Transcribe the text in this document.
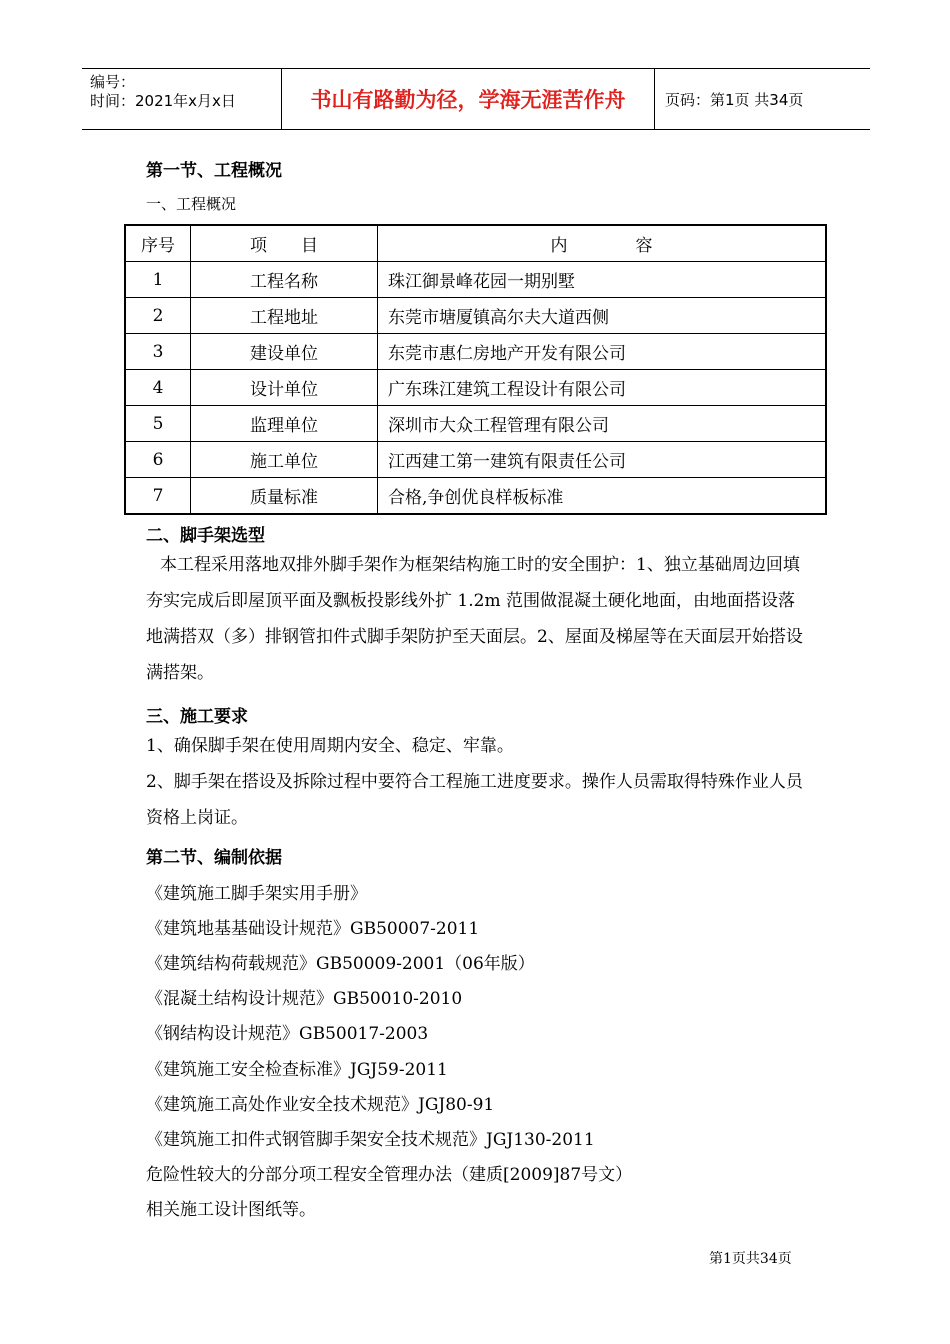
编号：
时间：2021年x月x日	书山有路勤为径，学海无涯苦作舟	页码：第1页 共34页
第一节、工程概况
一、工程概况
序号	项　　目	内　　　　容
1	工程名称	珠江御景峰花园一期别墅
2	工程地址	东莞市塘厦镇高尔夫大道西侧
3	建设单位	东莞市惠仁房地产开发有限公司
4	设计单位	广东珠江建筑工程设计有限公司
5	监理单位	深圳市大众工程管理有限公司
6	施工单位	江西建工第一建筑有限责任公司
7	质量标准	合格,争创优良样板标准
二、脚手架选型
本工程采用落地双排外脚手架作为框架结构施工时的安全围护：1、独立基础周边回填夯实完成后即屋顶平面及飘板投影线外扩 1.2m 范围做混凝土硬化地面，由地面搭设落地满搭双（多）排钢管扣件式脚手架防护至天面层。2、屋面及梯屋等在天面层开始搭设满搭架。
三、施工要求
1、确保脚手架在使用周期内安全、稳定、牢靠。
2、脚手架在搭设及拆除过程中要符合工程施工进度要求。操作人员需取得特殊作业人员资格上岗证。
第二节、编制依据
《建筑施工脚手架实用手册》
《建筑地基基础设计规范》GB50007-2011
《建筑结构荷载规范》GB50009-2001（06年版）
《混凝土结构设计规范》GB50010-2010
《钢结构设计规范》GB50017-2003
《建筑施工安全检查标准》JGJ59-2011
《建筑施工高处作业安全技术规范》JGJ80-91
《建筑施工扣件式钢管脚手架安全技术规范》JGJ130-2011
危险性较大的分部分项工程安全管理办法（建质[2009]87号文）
相关施工设计图纸等。
第1页共34页
